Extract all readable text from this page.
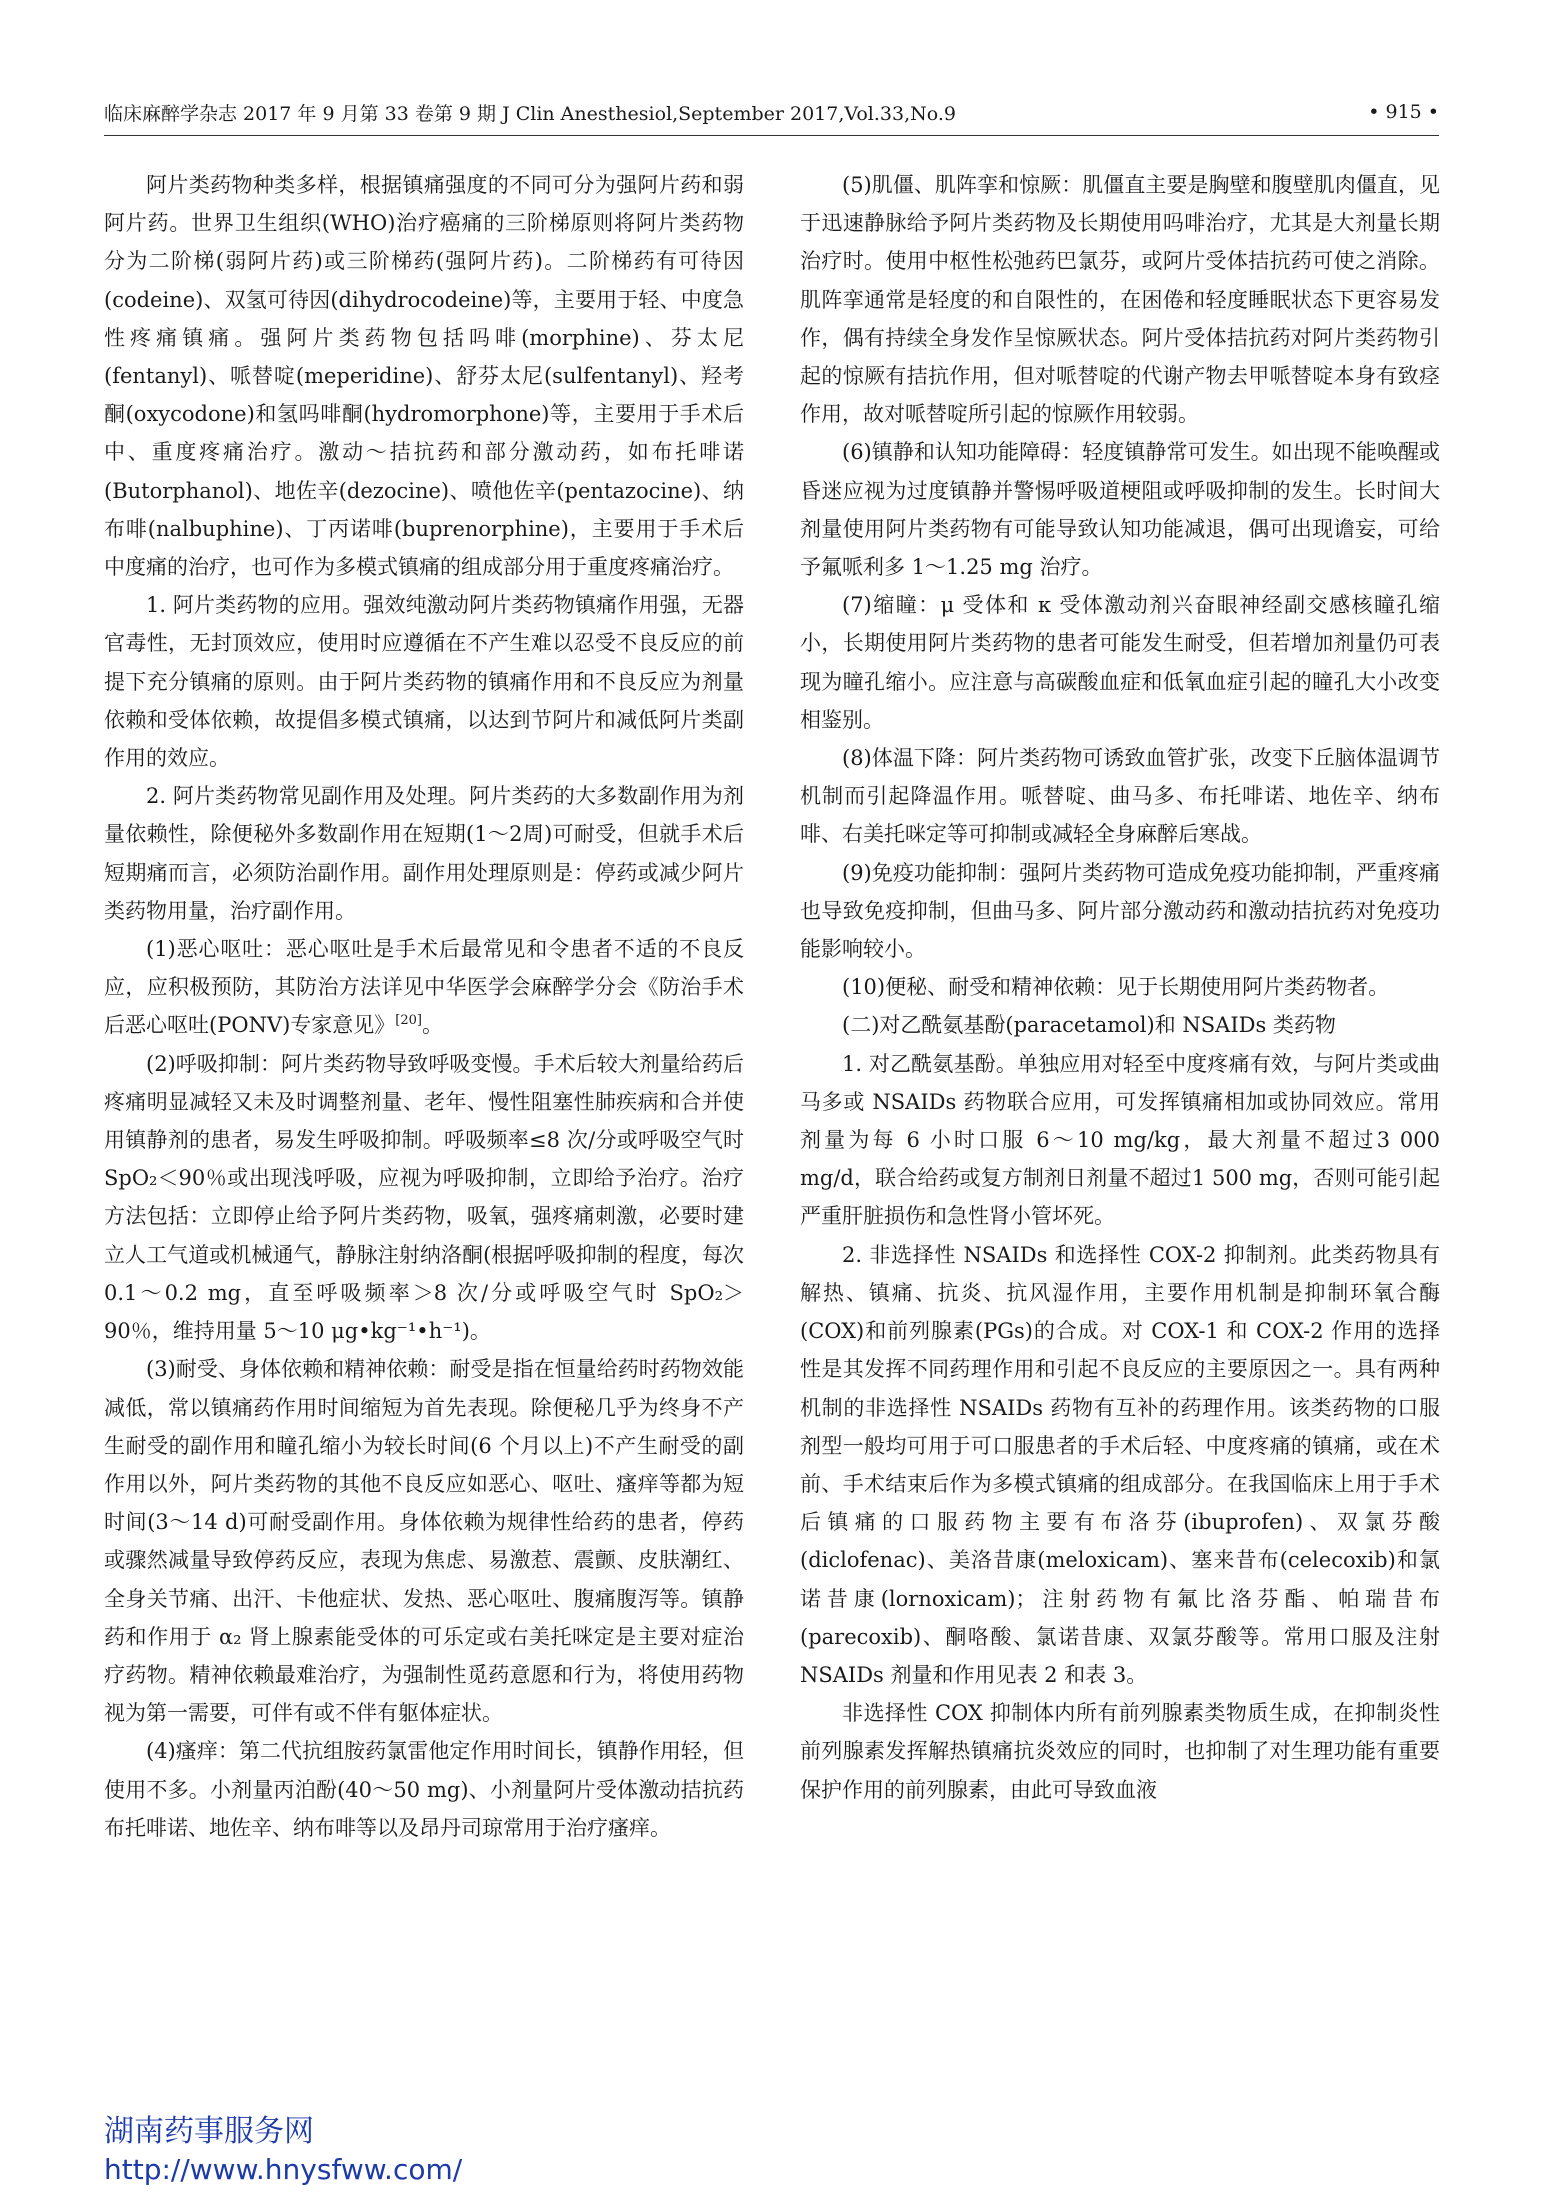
临床麻醉学杂志 2017 年 9 月第 33 卷第 9 期 J Clin Anesthesiol,September 2017,Vol.33,No.9	• 915 •

阿片类药物种类多样，根据镇痛强度的不同可分为强阿片药和弱阿片药。世界卫生组织(WHO)治疗癌痛的三阶梯原则将阿片类药物分为二阶梯(弱阿片药)或三阶梯药(强阿片药)。二阶梯药有可待因(codeine)、双氢可待因(dihydrocodeine)等，主要用于轻、中度急性疼痛镇痛。强阿片类药物包括吗啡(morphine)、芬太尼(fentanyl)、哌替啶(meperidine)、舒芬太尼(sulfentanyl)、羟考酮(oxycodone)和氢吗啡酮(hydromorphone)等，主要用于手术后中、重度疼痛治疗。激动～拮抗药和部分激动药，如布托啡诺(Butorphanol)、地佐辛(dezocine)、喷他佐辛(pentazocine)、纳布啡(nalbuphine)、丁丙诺啡(buprenorphine)，主要用于手术后中度痛的治疗，也可作为多模式镇痛的组成部分用于重度疼痛治疗。

1. 阿片类药物的应用。强效纯激动阿片类药物镇痛作用强，无器官毒性，无封顶效应，使用时应遵循在不产生难以忍受不良反应的前提下充分镇痛的原则。由于阿片类药物的镇痛作用和不良反应为剂量依赖和受体依赖，故提倡多模式镇痛，以达到节阿片和减低阿片类副作用的效应。

2. 阿片类药物常见副作用及处理。阿片类药的大多数副作用为剂量依赖性，除便秘外多数副作用在短期(1～2周)可耐受，但就手术后短期痛而言，必须防治副作用。副作用处理原则是：停药或减少阿片类药物用量，治疗副作用。

(1)恶心呕吐：恶心呕吐是手术后最常见和令患者不适的不良反应，应积极预防，其防治方法详见中华医学会麻醉学分会《防治手术后恶心呕吐(PONV)专家意见》[20]。

(2)呼吸抑制：阿片类药物导致呼吸变慢。手术后较大剂量给药后疼痛明显减轻又未及时调整剂量、老年、慢性阻塞性肺疾病和合并使用镇静剂的患者，易发生呼吸抑制。呼吸频率≤8 次/分或呼吸空气时 SpO₂＜90％或出现浅呼吸，应视为呼吸抑制，立即给予治疗。治疗方法包括：立即停止给予阿片类药物，吸氧，强疼痛刺激，必要时建立人工气道或机械通气，静脉注射纳洛酮(根据呼吸抑制的程度，每次 0.1～0.2 mg，直至呼吸频率＞8 次/分或呼吸空气时 SpO₂＞90％，维持用量 5～10 μg•kg⁻¹•h⁻¹)。

(3)耐受、身体依赖和精神依赖：耐受是指在恒量给药时药物效能减低，常以镇痛药作用时间缩短为首先表现。除便秘几乎为终身不产生耐受的副作用和瞳孔缩小为较长时间(6 个月以上)不产生耐受的副作用以外，阿片类药物的其他不良反应如恶心、呕吐、瘙痒等都为短时间(3～14 d)可耐受副作用。身体依赖为规律性给药的患者，停药或骤然减量导致停药反应，表现为焦虑、易激惹、震颤、皮肤潮红、全身关节痛、出汗、卡他症状、发热、恶心呕吐、腹痛腹泻等。镇静药和作用于 α₂ 肾上腺素能受体的可乐定或右美托咪定是主要对症治疗药物。精神依赖最难治疗，为强制性觅药意愿和行为，将使用药物视为第一需要，可伴有或不伴有躯体症状。

(4)瘙痒：第二代抗组胺药氯雷他定作用时间长，镇静作用轻，但使用不多。小剂量丙泊酚(40～50 mg)、小剂量阿片受体激动拮抗药布托啡诺、地佐辛、纳布啡等以及昂丹司琼常用于治疗瘙痒。

(5)肌僵、肌阵挛和惊厥：肌僵直主要是胸壁和腹壁肌肉僵直，见于迅速静脉给予阿片类药物及长期使用吗啡治疗，尤其是大剂量长期治疗时。使用中枢性松弛药巴氯芬，或阿片受体拮抗药可使之消除。肌阵挛通常是轻度的和自限性的，在困倦和轻度睡眠状态下更容易发作，偶有持续全身发作呈惊厥状态。阿片受体拮抗药对阿片类药物引起的惊厥有拮抗作用，但对哌替啶的代谢产物去甲哌替啶本身有致痉作用，故对哌替啶所引起的惊厥作用较弱。

(6)镇静和认知功能障碍：轻度镇静常可发生。如出现不能唤醒或昏迷应视为过度镇静并警惕呼吸道梗阻或呼吸抑制的发生。长时间大剂量使用阿片类药物有可能导致认知功能减退，偶可出现谵妄，可给予氟哌利多 1～1.25 mg 治疗。

(7)缩瞳：μ 受体和 κ 受体激动剂兴奋眼神经副交感核瞳孔缩小，长期使用阿片类药物的患者可能发生耐受，但若增加剂量仍可表现为瞳孔缩小。应注意与高碳酸血症和低氧血症引起的瞳孔大小改变相鉴别。

(8)体温下降：阿片类药物可诱致血管扩张，改变下丘脑体温调节机制而引起降温作用。哌替啶、曲马多、布托啡诺、地佐辛、纳布啡、右美托咪定等可抑制或减轻全身麻醉后寒战。

(9)免疫功能抑制：强阿片类药物可造成免疫功能抑制，严重疼痛也导致免疫抑制，但曲马多、阿片部分激动药和激动拮抗药对免疫功能影响较小。

(10)便秘、耐受和精神依赖：见于长期使用阿片类药物者。

(二)对乙酰氨基酚(paracetamol)和 NSAIDs 类药物

1. 对乙酰氨基酚。单独应用对轻至中度疼痛有效，与阿片类或曲马多或 NSAIDs 药物联合应用，可发挥镇痛相加或协同效应。常用剂量为每 6 小时口服 6～10 mg/kg，最大剂量不超过3 000 mg/d，联合给药或复方制剂日剂量不超过1 500 mg，否则可能引起严重肝脏损伤和急性肾小管坏死。

2. 非选择性 NSAIDs 和选择性 COX-2 抑制剂。此类药物具有解热、镇痛、抗炎、抗风湿作用，主要作用机制是抑制环氧合酶(COX)和前列腺素(PGs)的合成。对 COX-1 和 COX-2 作用的选择性是其发挥不同药理作用和引起不良反应的主要原因之一。具有两种机制的非选择性 NSAIDs 药物有互补的药理作用。该类药物的口服剂型一般均可用于可口服患者的手术后轻、中度疼痛的镇痛，或在术前、手术结束后作为多模式镇痛的组成部分。在我国临床上用于手术后镇痛的口服药物主要有布洛芬(ibuprofen)、双氯芬酸(diclofenac)、美洛昔康(meloxicam)、塞来昔布(celecoxib)和氯诺昔康(lornoxicam)；注射药物有氟比洛芬酯、帕瑞昔布(parecoxib)、酮咯酸、氯诺昔康、双氯芬酸等。常用口服及注射 NSAIDs 剂量和作用见表 2 和表 3。

非选择性 COX 抑制体内所有前列腺素类物质生成，在抑制炎性前列腺素发挥解热镇痛抗炎效应的同时，也抑制了对生理功能有重要保护作用的前列腺素，由此可导致血液

湖南药事服务网
http://www.hnysfww.com/
